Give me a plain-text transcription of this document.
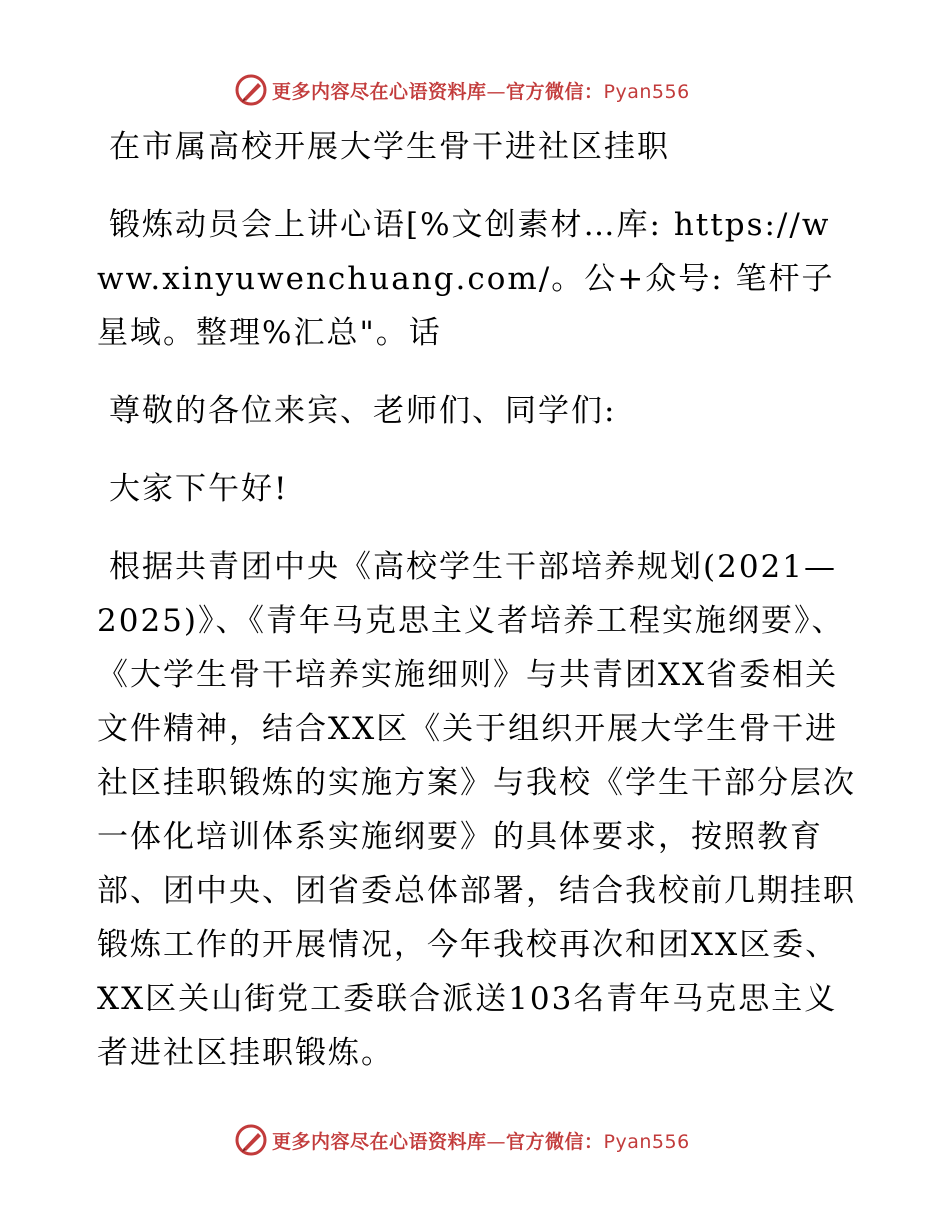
更多内容尽在心语资料库—官方微信：Pyan556

在市属高校开展大学生骨干进社区挂职

锻炼动员会上讲心语[%文创素材…库: https://www.xinyuwenchuang.com/。公+众号: 笔杆子星域。整理%汇总"。话

尊敬的各位来宾、老师们、同学们:

大家下午好!

根据共青团中央《高校学生干部培养规划(2021—2025)》、《青年马克思主义者培养工程实施纲要》、《大学生骨干培养实施细则》与共青团XX省委相关文件精神，结合XX区《关于组织开展大学生骨干进社区挂职锻炼的实施方案》与我校《学生干部分层次一体化培训体系实施纲要》的具体要求，按照教育部、团中央、团省委总体部署，结合我校前几期挂职锻炼工作的开展情况，今年我校再次和团XX区委、XX区关山街党工委联合派送103名青年马克思主义者进社区挂职锻炼。

更多内容尽在心语资料库—官方微信：Pyan556
